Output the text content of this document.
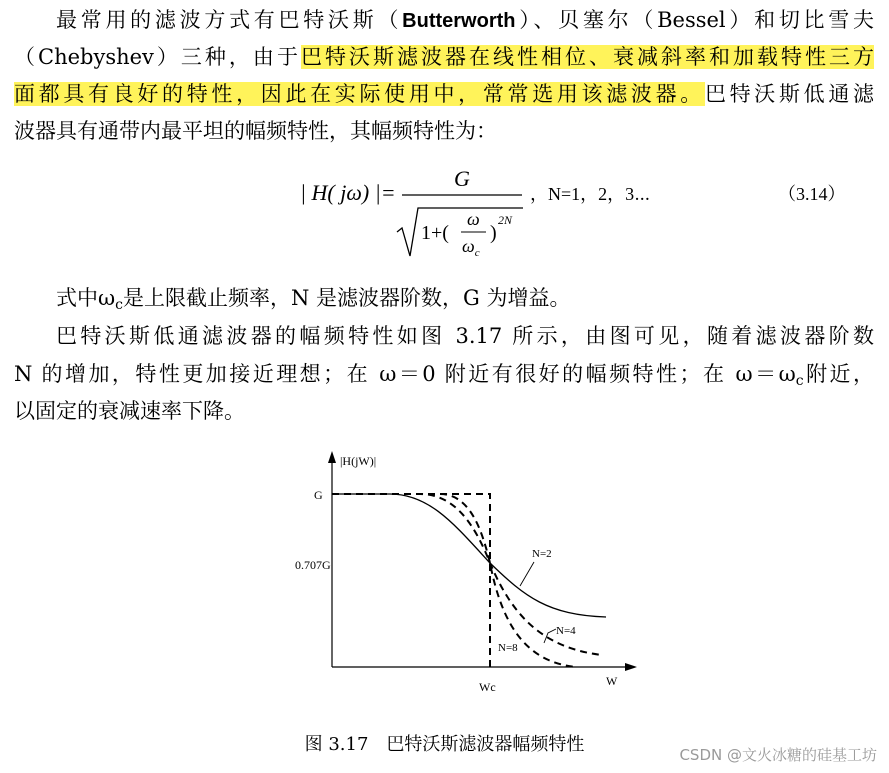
最常用的滤波方式有巴特沃斯（Butterworth）、贝塞尔（Bessel）和切比雪夫
（Chebyshev）三种，由于巴特沃斯滤波器在线性相位、衰减斜率和加载特性三方
面都具有良好的特性，因此在实际使用中，常常选用该滤波器。巴特沃斯低通滤
波器具有通带内最平坦的幅频特性，其幅频特性为：
| H( jω) |=
G
1+(
ω
$\omega_c$
)
2N
，N=1，2，3⋯	（3.14）
式中$\omega_c$是上限截止频率，N 是滤波器阶数，G 为增益。
巴特沃斯低通滤波器的幅频特性如图 3.17 所示，由图可见，随着滤波器阶数
N 的增加，特性更加接近理想；在 ω＝0 附近有很好的幅频特性；在 $\omega=\omega_c$附近，
以固定的衰减速率下降。
|H(jW)|
W
G
0.707G
Wc
N=2
N=4
N=8
图 3.17　巴特沃斯滤波器幅频特性	CSDN @文火冰糖的硅基工坊
